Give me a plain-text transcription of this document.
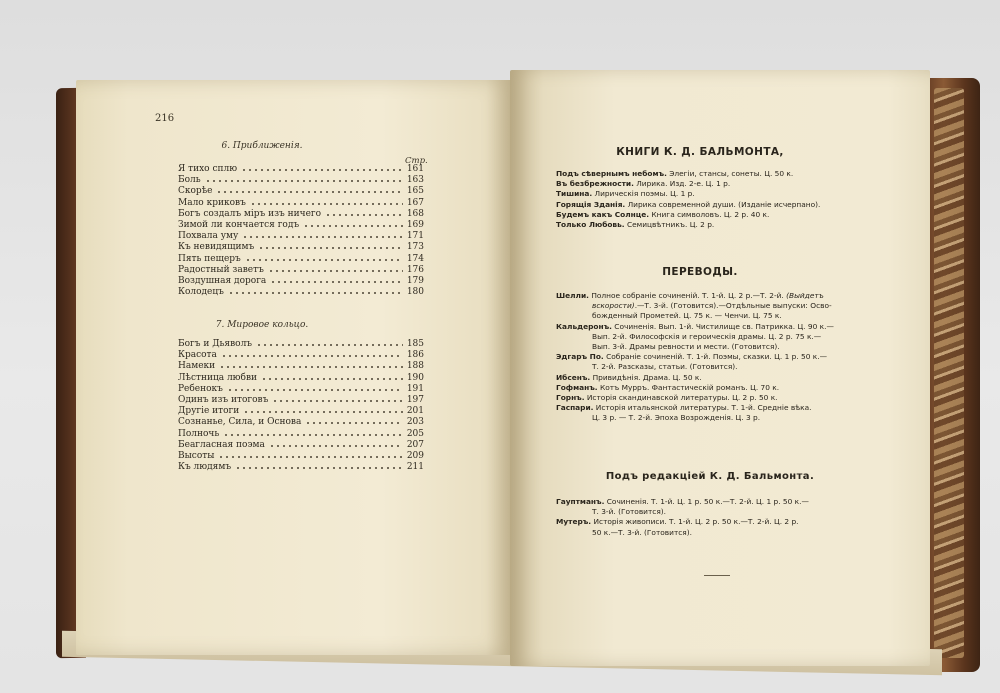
216
6. Приближенія.
Стр.
Я тихо сплю	161
Боль	163
Скорѣе	165
Мало криковъ	167
Богъ создалъ міръ изъ ничего	168
Зимой ли кончается годъ	169
Похвала уму	171
Къ невидящимъ	173
Пять пещеръ	174
Радостный заветъ	176
Воздушная дорога	179
Колодецъ	180
7. Мировое кольцо.
Богъ и Дьяволъ	185
Красота	186
Намеки	188
Лѣстница любви	190
Ребенокъ	191
Одинъ изъ итоговъ	197
Другіе итоги	201
Сознанье, Сила, и Основа	203
Полночь	205
Беагласная поэма	207
Высоты	209
Къ людямъ	211
КНИГИ К. Д. БАЛЬМОНТА,

Подъ сѣвернымъ небомъ. Элегіи, стансы, сонеты. Ц. 50 к.

Въ безбрежности. Лирика. Изд. 2-е. Ц. 1 р.

Тишина. Лирическія поэмы. Ц. 1 р.

Горящія Зданія. Лирика современной души. (Изданіе исчерпано).

Будемъ какъ Солнце. Книга символовъ. Ц. 2 р. 40 к.

Только Любовь. Семицвѣтникъ. Ц. 2 р.

ПЕРЕВОДЫ.

Шелли. Полное собраніе сочиненій. Т. 1-й. Ц. 2 р.—Т. 2-й. (Выйдетъ
вскорости).—Т. 3-й. (Готовится).—Отдѣльные выпуски: Осво-
божденный Прометей. Ц. 75 к. — Ченчи. Ц. 75 к.

Кальдеронъ. Сочиненія. Вып. 1-й. Чистилище св. Патрикка. Ц. 90 к.—
Вып. 2-й. Философскія и героическія драмы. Ц. 2 р. 75 к.—
Вып. 3-й. Драмы ревности и мести. (Готовится).

Эдгаръ По. Собраніе сочиненій. Т. 1-й. Поэмы, сказки. Ц. 1 р. 50 к.—
Т. 2-й. Разсказы, статьи. (Готовится).

Ибсенъ. Привидѣнія. Драма. Ц. 50 к.

Гофманъ. Котъ Мурръ. Фантастическій романъ. Ц. 70 к.

Горнъ. Исторія скандинавской литературы. Ц. 2 р. 50 к.

Гаспари. Исторія итальянской литературы. Т. 1-й. Средніе вѣка.
Ц. 3 р. — Т. 2-й. Эпоха Возрожденія. Ц. 3 р.

Подъ редакціей К. Д. Бальмонта.

Гауптманъ. Сочиненія. Т. 1-й. Ц. 1 р. 50 к.—Т. 2-й. Ц. 1 р. 50 к.—
Т. 3-й. (Готовится).

Мутеръ. Исторія живописи. Т. 1-й. Ц. 2 р. 50 к.—Т. 2-й. Ц. 2 р.
50 к.—Т. 3-й. (Готовится).
